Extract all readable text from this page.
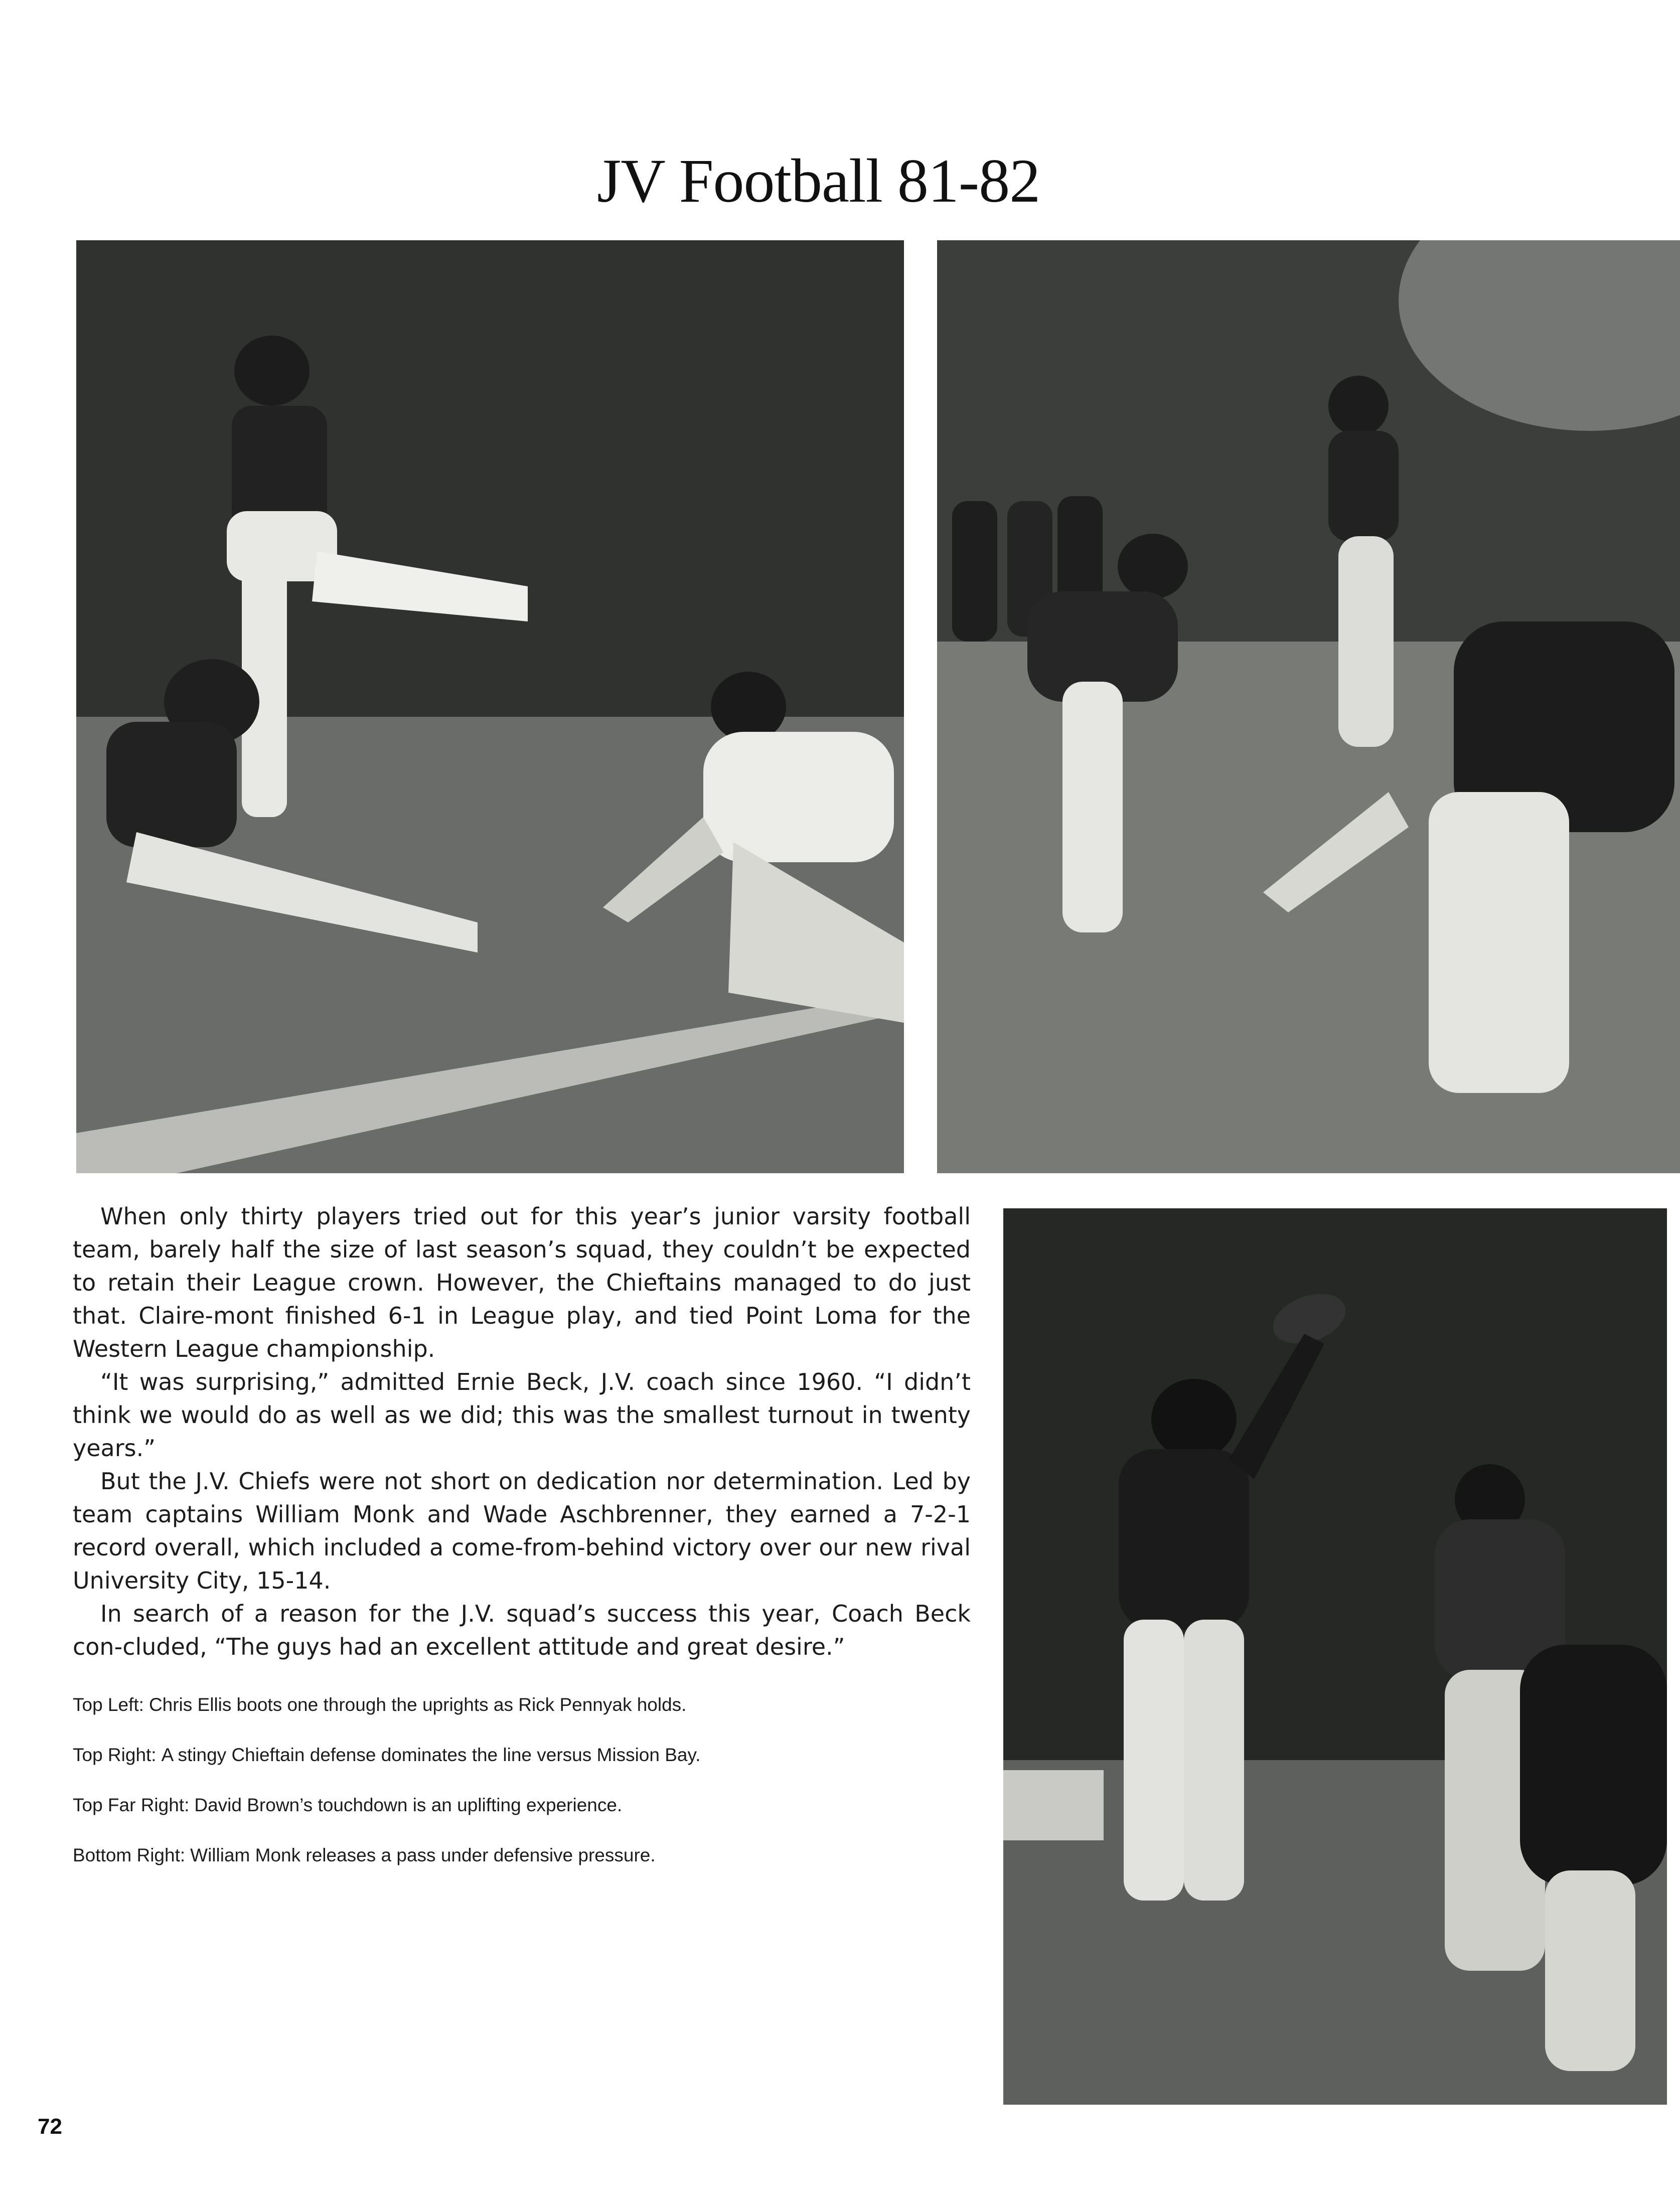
JV Football 81-82

When only thirty players tried out for this year’s junior varsity football team, barely half the size of last season’s squad, they couldn’t be expected to retain their League crown. However, the Chieftains managed to do just that. Claire-mont finished 6-1 in League play, and tied Point Loma for the Western League championship.

“It was surprising,” admitted Ernie Beck, J.V. coach since 1960. “I didn’t think we would do as well as we did; this was the smallest turnout in twenty years.”

But the J.V. Chiefs were not short on dedication nor determination. Led by team captains William Monk and Wade Aschbrenner, they earned a 7-2-1 record overall, which included a come-from-behind victory over our new rival University City, 15-14.

In search of a reason for the J.V. squad’s success this year, Coach Beck con-cluded, “The guys had an excellent attitude and great desire.”

Top Left: Chris Ellis boots one through the uprights as Rick Pennyak holds.
Top Right: A stingy Chieftain defense dominates the line versus Mission Bay.
Top Far Right: David Brown’s touchdown is an uplifting experience.
Bottom Right: William Monk releases a pass under defensive pressure.
72
